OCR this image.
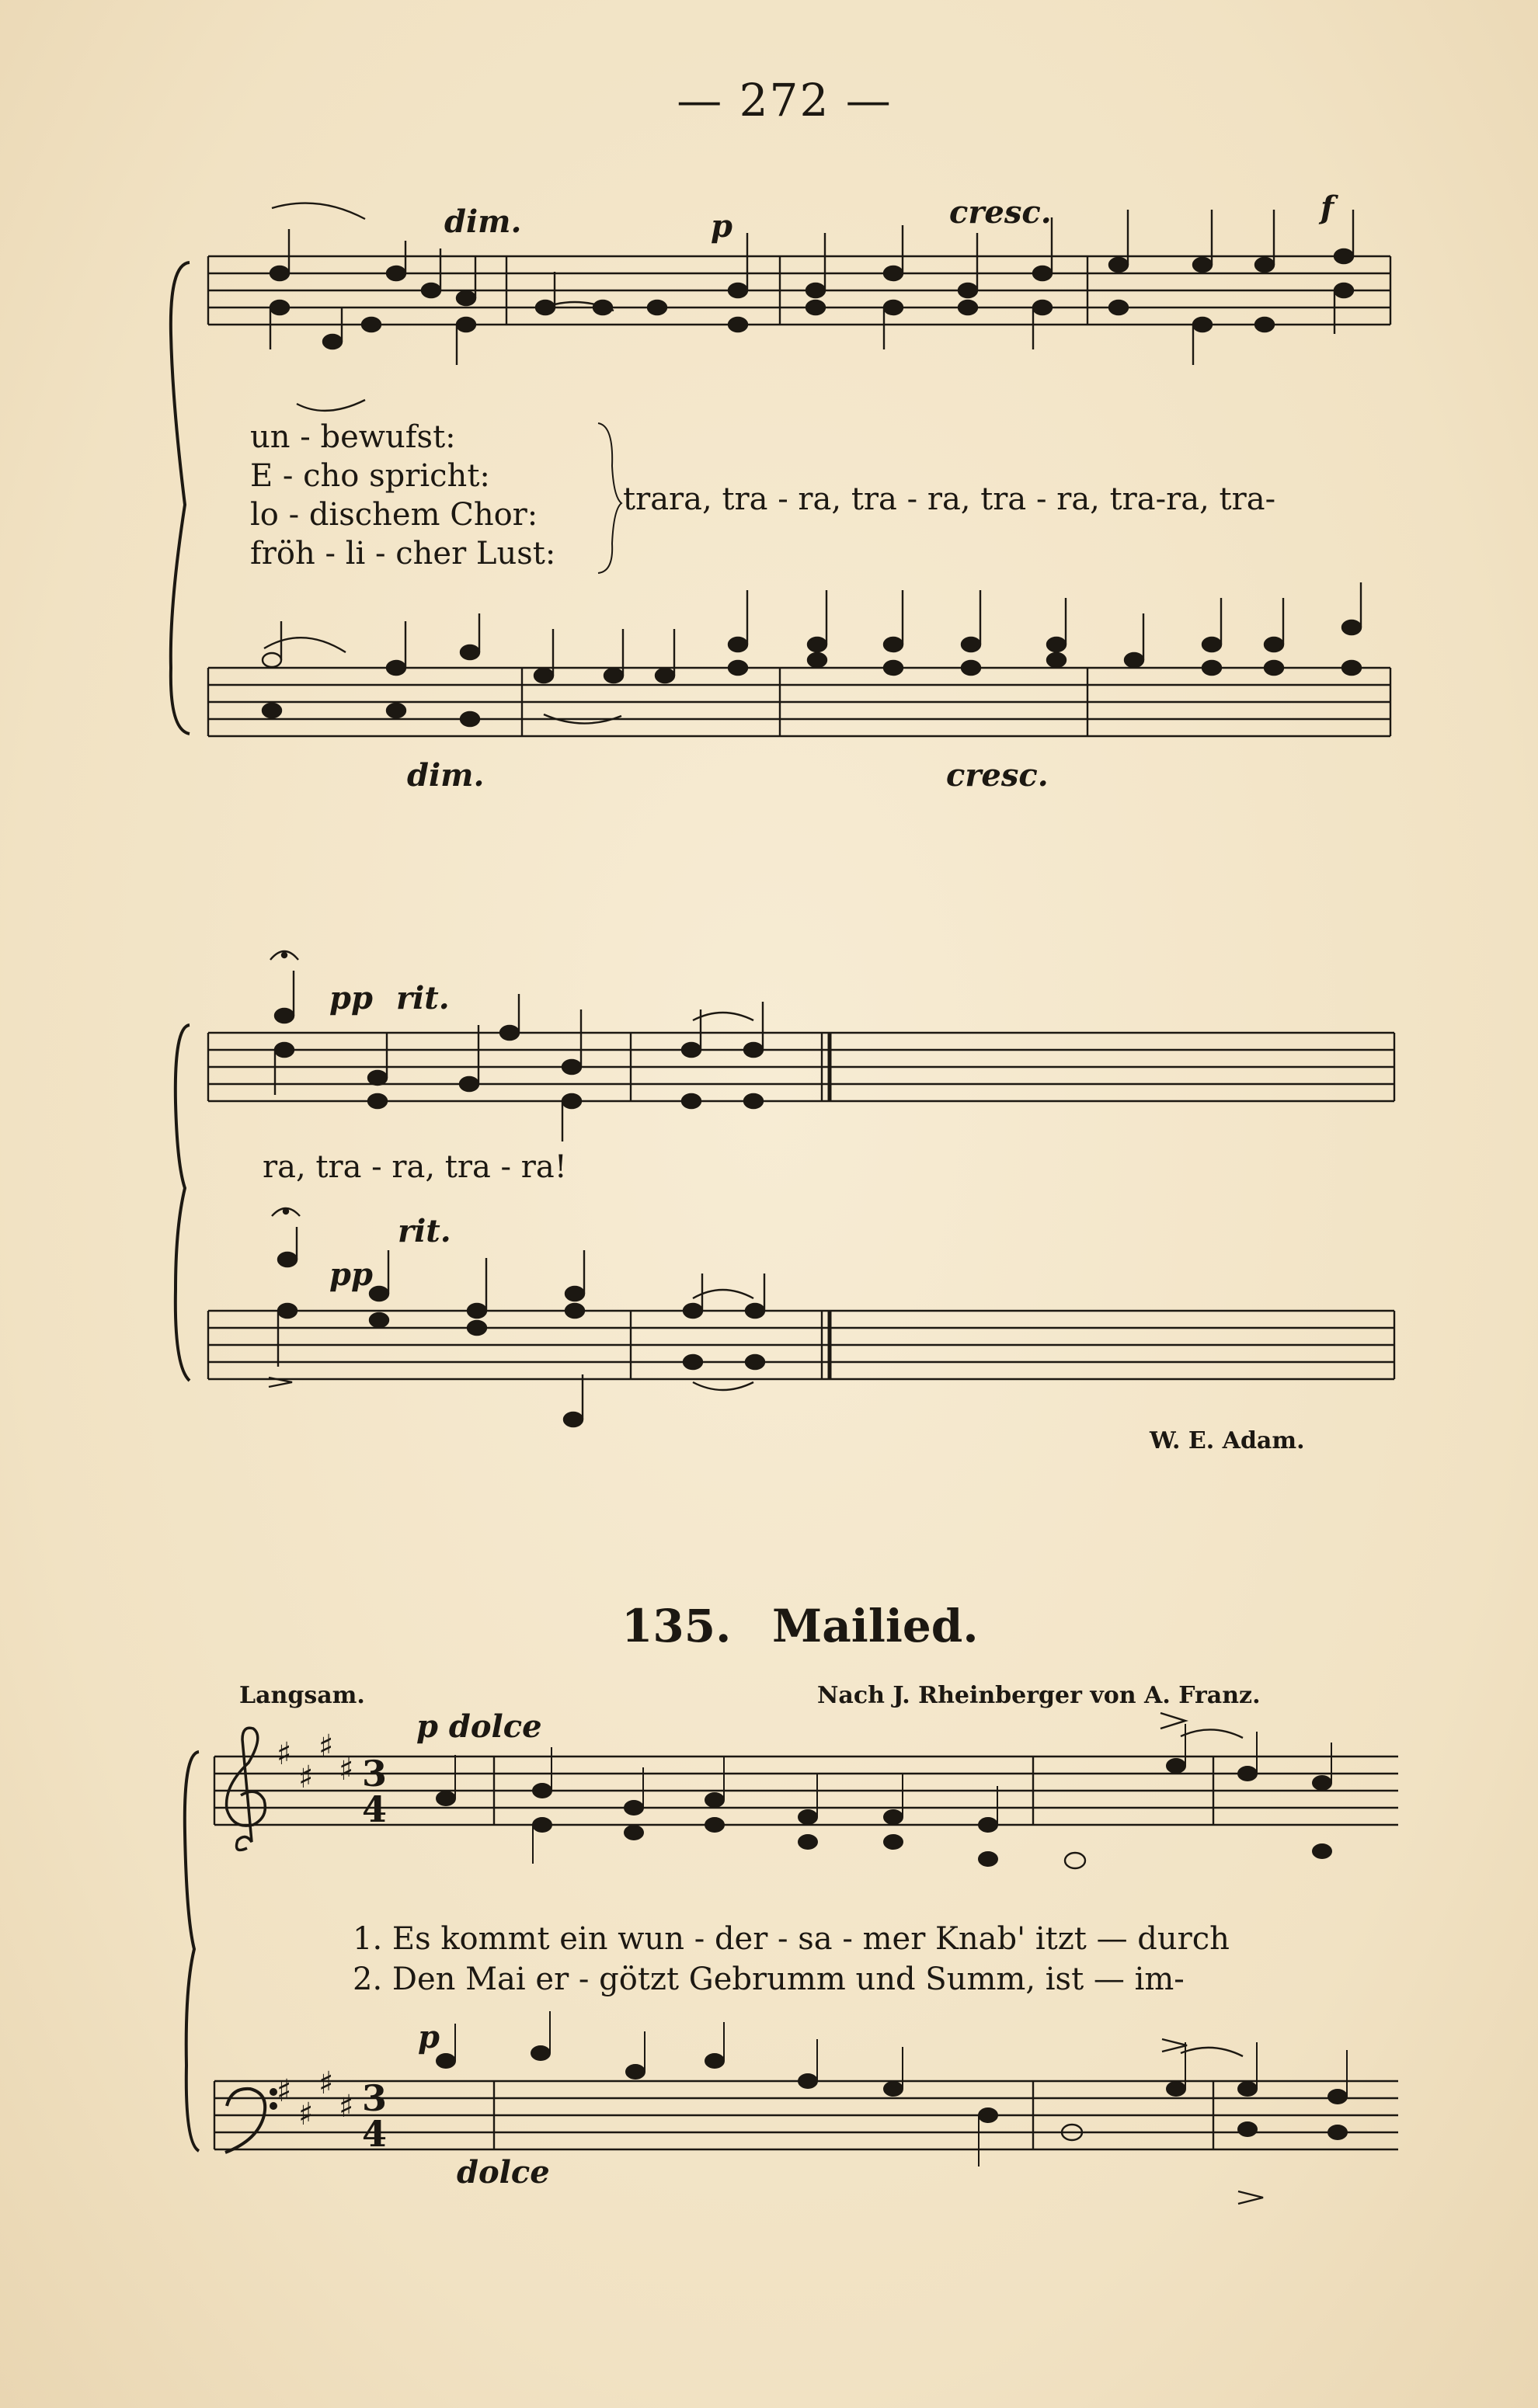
— 272 —
♯
♯
♯
♯
♯
♯
♯
♯
3
4
3
4
dim.	p	cresc.	f
un - bewufst:
E - cho spricht:
lo - dischem Chor:
fröh - li - cher Lust:
trara, tra - ra, tra - ra, tra - ra, tra-ra, tra-
dim.	cresc.
pp rit.
ra, tra - ra, tra - ra!
rit.
pp
W. E. Adam.
135. Mailied.
Langsam.	Nach J. Rheinberger von A. Franz.
p dolce
1. Es kommt ein wun - der - sa - mer Knab' itzt — durch
2. Den Mai er - götzt Gebrumm und Summ, ist — im-
p
dolce
